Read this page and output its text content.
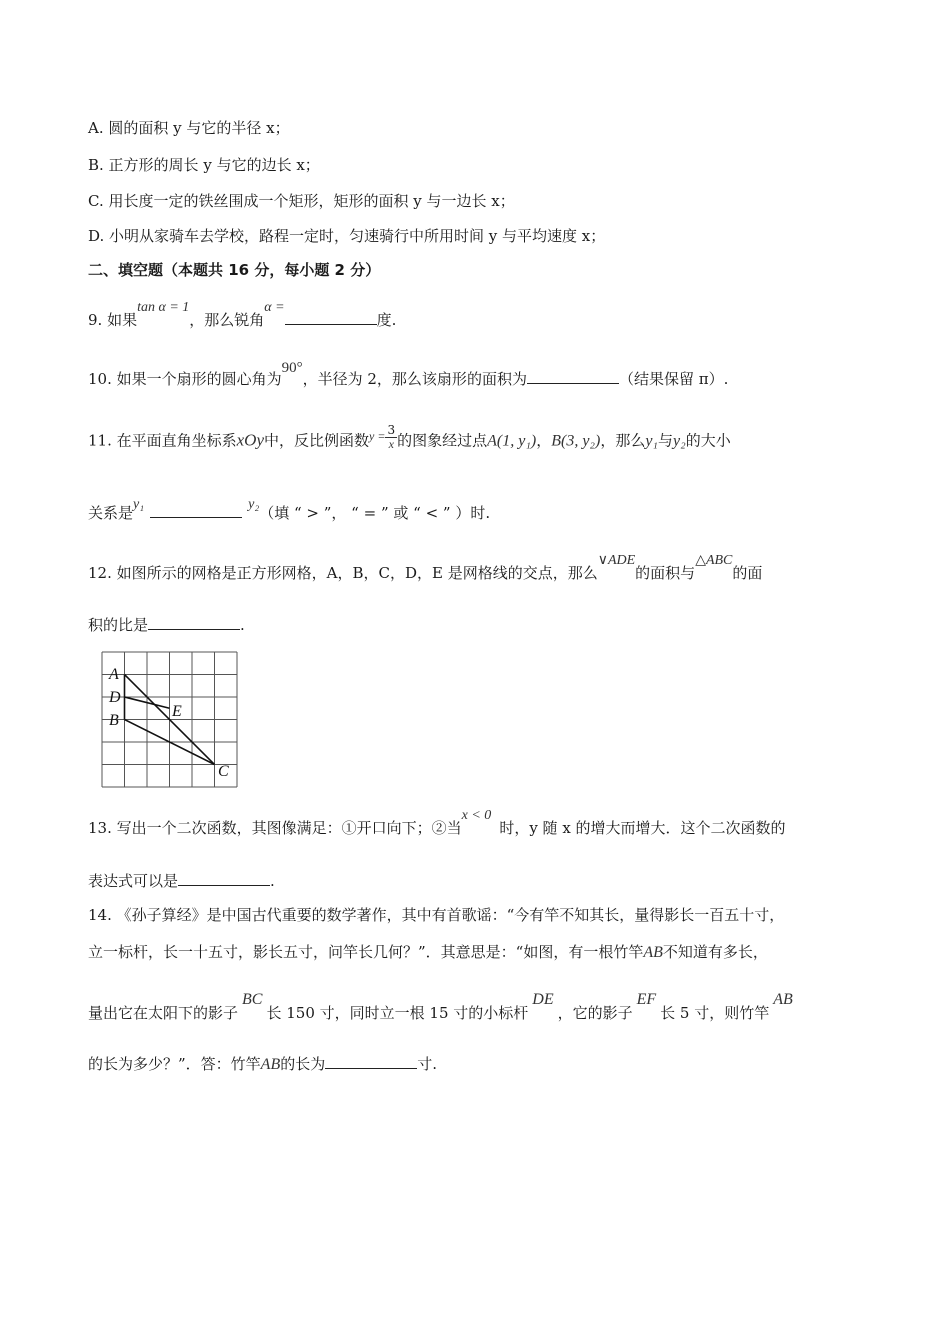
A. 圆的面积 y 与它的半径 x；
B. 正方形的周长 y 与它的边长 x；
C. 用长度一定的铁丝围成一个矩形，矩形的面积 y 与一边长 x；
D. 小明从家骑车去学校，路程一定时，匀速骑行中所用时间 y 与平均速度 x；
二、填空题（本题共 16 分，每小题 2 分）
9. 如果tan α = 1，那么锐角α =度.
10. 如果一个扇形的圆心角为90°，半径为 2，那么该扇形的面积为	（结果保留 π）.
11. 在平面直角坐标系xOy中，反比例函数$^{y =} \frac{3}{x}$ 的图象经过点A(1, y₁)，B(3, y₂)，那么y₁与y₂的大小
关系是y₁	y₂（填 “ > ”， “ = ” 或 “ < ” ）时.
12. 如图所示的网格是正方形网格，A，B，C，D，E 是网格线的交点，那么∨ADE的面积与△ABC的面
积的比是	.
A
D
B
E
C
13. 写出一个二次函数，其图像满足：①开口向下；②当x < 0时，y 随 x 的增大而增大．这个二次函数的
表达式可以是	.
14. 《孙子算经》是中国古代重要的数学著作，其中有首歌谣：“今有竿不知其长，量得影长一百五十寸，
立一标杆，长一十五寸，影长五寸，问竿长几何？”．其意思是：“如图，有一根竹竿AB不知道有多长，
量出它在太阳下的影子BC长 150 寸，同时立一根 15 寸的小标杆DE，它的影子EF长 5 寸，则竹竿AB
的长为多少？”．答：竹竿AB的长为	寸.
